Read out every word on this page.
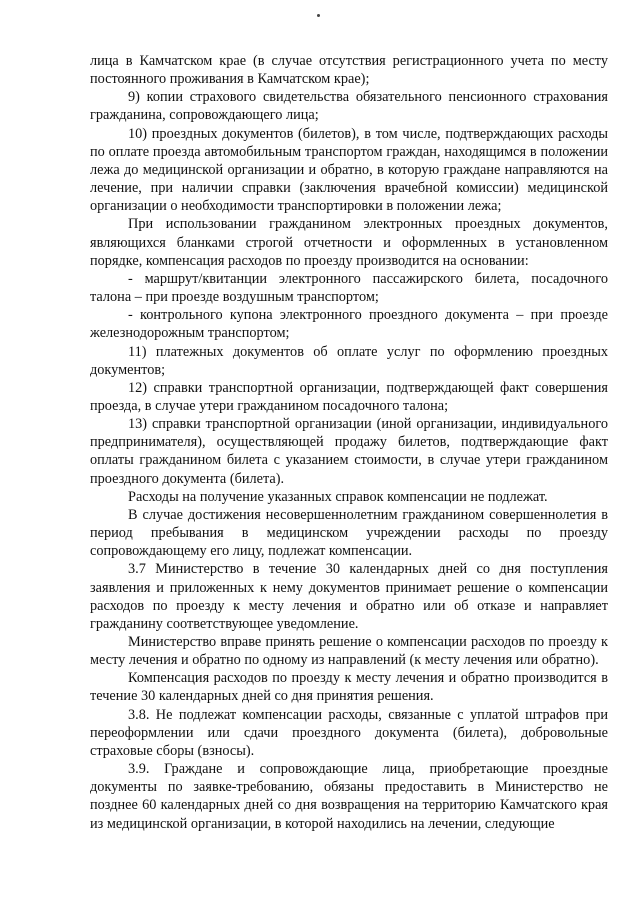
лица в Камчатском крае (в случае отсутствия регистрационного учета по месту постоянного проживания в Камчатском крае);

9) копии страхового свидетельства обязательного пенсионного страхования гражданина, сопровождающего лица;

10) проездных документов (билетов), в том числе, подтверждающих расходы по оплате проезда автомобильным транспортом граждан, находящимся в положении лежа до медицинской организации и обратно, в которую граждане направляются на лечение, при наличии справки (заключения врачебной комиссии) медицинской организации о необходимости транспортировки в положении лежа;

При использовании гражданином электронных проездных документов, являющихся бланками строгой отчетности и оформленных в установленном порядке, компенсация расходов по проезду производится на основании:

- маршрут/квитанции электронного пассажирского билета, посадочного талона – при проезде воздушным транспортом;

- контрольного купона электронного проездного документа – при проезде железнодорожным транспортом;

11) платежных документов об оплате услуг по оформлению проездных документов;

12) справки транспортной организации, подтверждающей факт совершения проезда, в случае утери гражданином посадочного талона;

13) справки транспортной организации (иной организации, индивидуального предпринимателя), осуществляющей продажу билетов, подтверждающие факт оплаты гражданином билета с указанием стоимости, в случае утери гражданином проездного документа (билета).

Расходы на получение указанных справок компенсации не подлежат.

В случае достижения несовершеннолетним гражданином совершеннолетия в период пребывания в медицинском учреждении расходы по проезду сопровождающему его лицу, подлежат компенсации.

3.7 Министерство в течение 30 календарных дней со дня поступления заявления и приложенных к нему документов принимает решение о компенсации расходов по проезду к месту лечения и обратно или об отказе и направляет гражданину соответствующее уведомление.

Министерство вправе принять решение о компенсации расходов по проезду к месту лечения и обратно по одному из направлений (к месту лечения или обратно).

Компенсация расходов по проезду к месту лечения и обратно производится в течение 30 календарных дней со дня принятия решения.

3.8. Не подлежат компенсации расходы, связанные с уплатой штрафов при переоформлении или сдачи проездного документа (билета), добровольные страховые сборы (взносы).

3.9. Граждане и сопровождающие лица, приобретающие проездные документы по заявке-требованию, обязаны предоставить в Министерство не позднее 60 календарных дней со дня возвращения на территорию Камчатского края из медицинской организации, в которой находились на лечении, следующие
